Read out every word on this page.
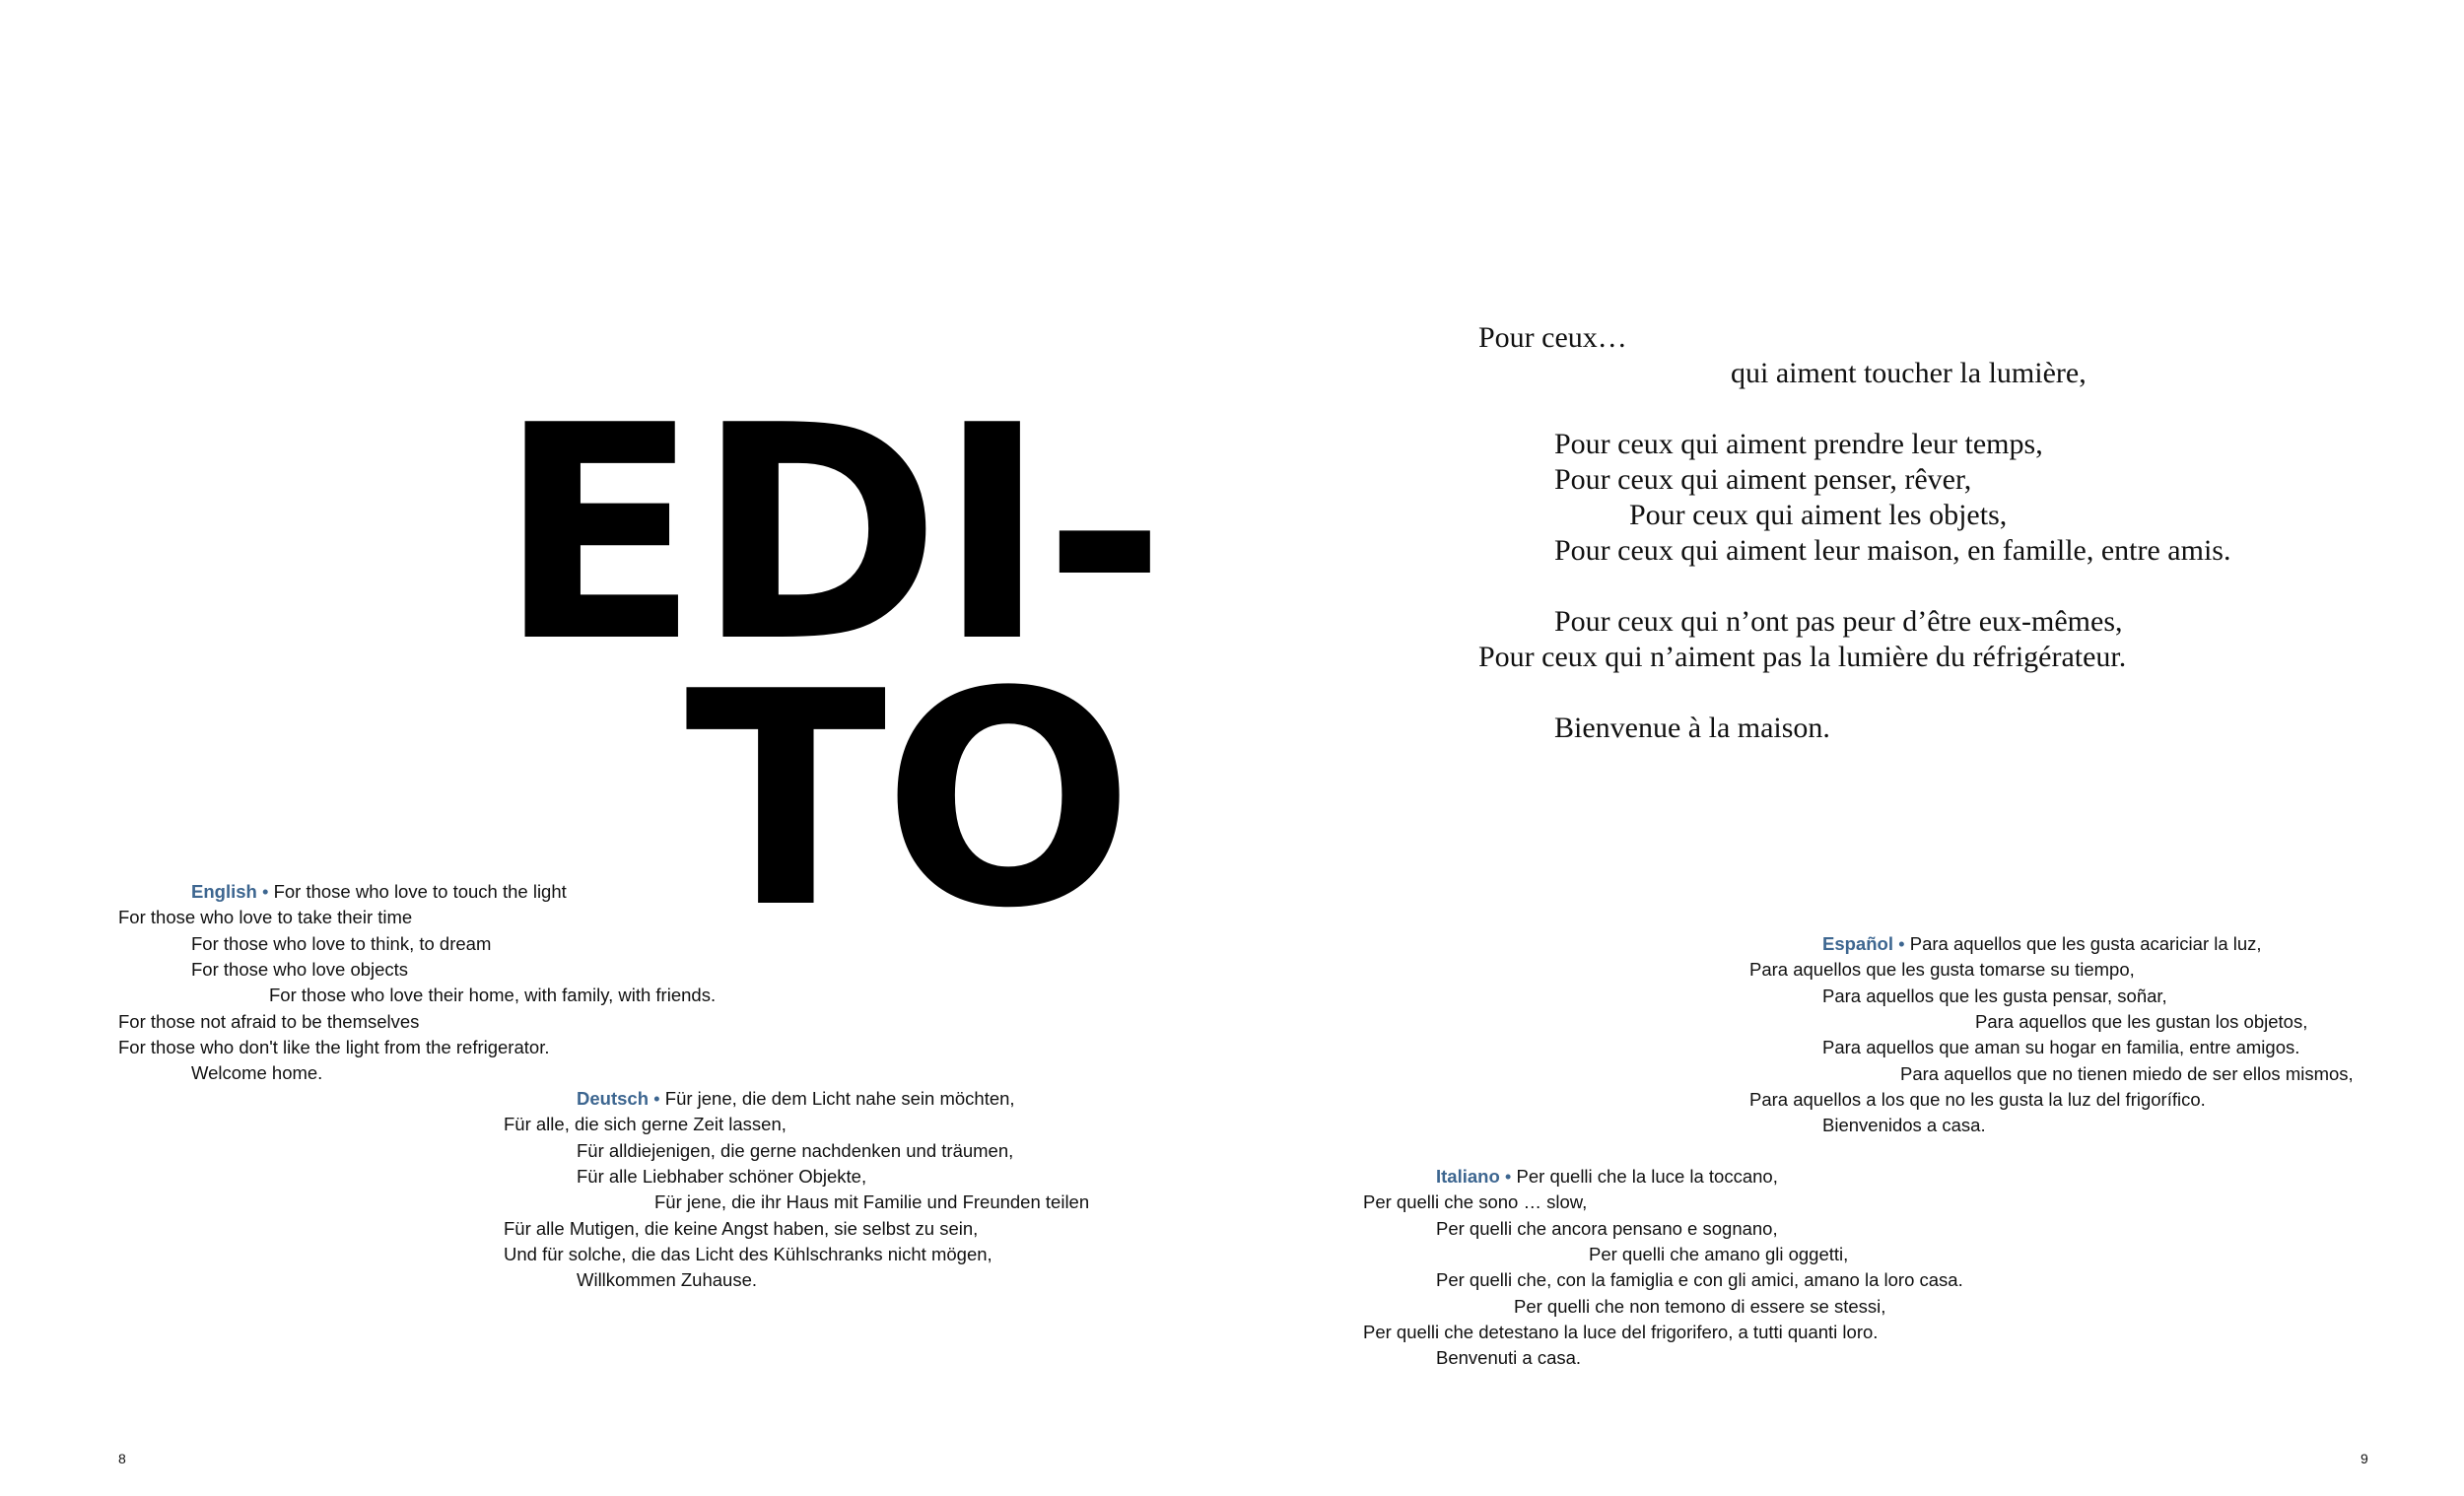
EDI-
TO
Pour ceux…
qui aiment toucher la lumière,
Pour ceux qui aiment prendre leur temps,
Pour ceux qui aiment penser, rêver,
Pour ceux qui aiment les objets,
Pour ceux qui aiment leur maison, en famille, entre amis.
Pour ceux qui n’ont pas peur d’être eux-mêmes,
Pour ceux qui n’aiment pas la lumière du réfrigérateur.
Bienvenue à la maison.
English • For those who love to touch the light
For those who love to take their time
For those who love to think, to dream
For those who love objects
For those who love their home, with family, with friends.
For those not afraid to be themselves
For those who don't like the light from the refrigerator.
Welcome home.
Deutsch • Für jene, die dem Licht nahe sein möchten,
Für alle, die sich gerne Zeit lassen,
Für alldiejenigen, die gerne nachdenken und träumen,
Für alle Liebhaber schöner Objekte,
Für jene, die ihr Haus mit Familie und Freunden teilen
Für alle Mutigen, die keine Angst haben, sie selbst zu sein,
Und für solche, die das Licht des Kühlschranks nicht mögen,
Willkommen Zuhause.
Español • Para aquellos que les gusta acariciar la luz,
Para aquellos que les gusta tomarse su tiempo,
Para aquellos que les gusta pensar, soñar,
Para aquellos que les gustan los objetos,
Para aquellos que aman su hogar en familia, entre amigos.
Para aquellos que no tienen miedo de ser ellos mismos,
Para aquellos a los que no les gusta la luz del frigorífico.
Bienvenidos a casa.
Italiano • Per quelli che la luce la toccano,
Per quelli che sono … slow,
Per quelli che ancora pensano e sognano,
Per quelli che amano gli oggetti,
Per quelli che, con la famiglia e con gli amici, amano la loro casa.
Per quelli che non temono di essere se stessi,
Per quelli che detestano la luce del frigorifero, a tutti quanti loro.
Benvenuti a casa.
8	9
